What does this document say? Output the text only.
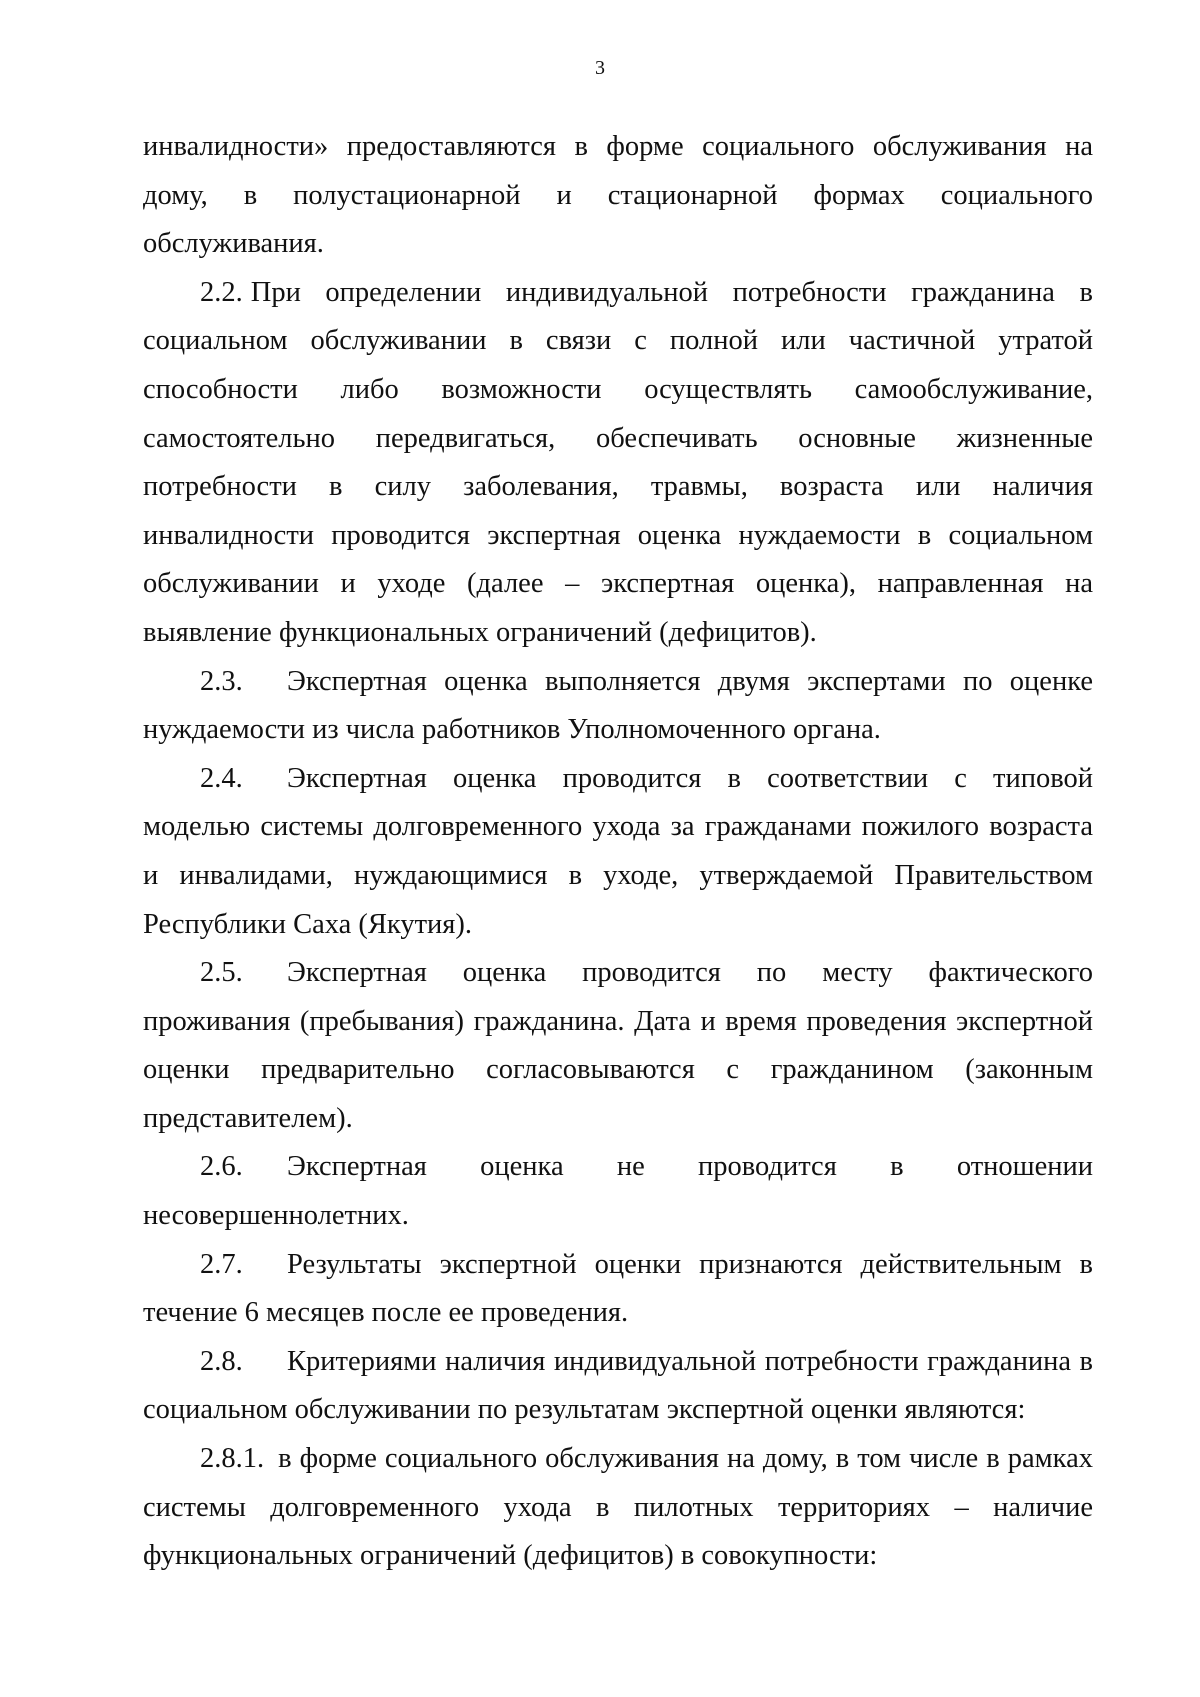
3

инвалидности» предоставляются в форме социального обслуживания на дому, в полустационарной и стационарной формах социального обслуживания.

2.2. При определении индивидуальной потребности гражданина в социальном обслуживании в связи с полной или частичной утратой способности либо возможности осуществлять самообслуживание, самостоятельно передвигаться, обеспечивать основные жизненные потребности в силу заболевания, травмы, возраста или наличия инвалидности проводится экспертная оценка нуждаемости в социальном обслуживании и уходе (далее – экспертная оценка), направленная на выявление функциональных ограничений (дефицитов).

2.3. Экспертная оценка выполняется двумя экспертами по оценке нуждаемости из числа работников Уполномоченного органа.

2.4. Экспертная оценка проводится в соответствии с типовой моделью системы долговременного ухода за гражданами пожилого возраста и инвалидами, нуждающимися в уходе, утверждаемой Правительством Республики Саха (Якутия).

2.5. Экспертная оценка проводится по месту фактического проживания (пребывания) гражданина. Дата и время проведения экспертной оценки предварительно согласовываются с гражданином (законным представителем).

2.6. Экспертная оценка не проводится в отношении несовершеннолетних.

2.7. Результаты экспертной оценки признаются действительным в течение 6 месяцев после ее проведения.

2.8. Критериями наличия индивидуальной потребности гражданина в социальном обслуживании по результатам экспертной оценки являются:

2.8.1. в форме социального обслуживания на дому, в том числе в рамках системы долговременного ухода в пилотных территориях – наличие функциональных ограничений (дефицитов) в совокупности:
